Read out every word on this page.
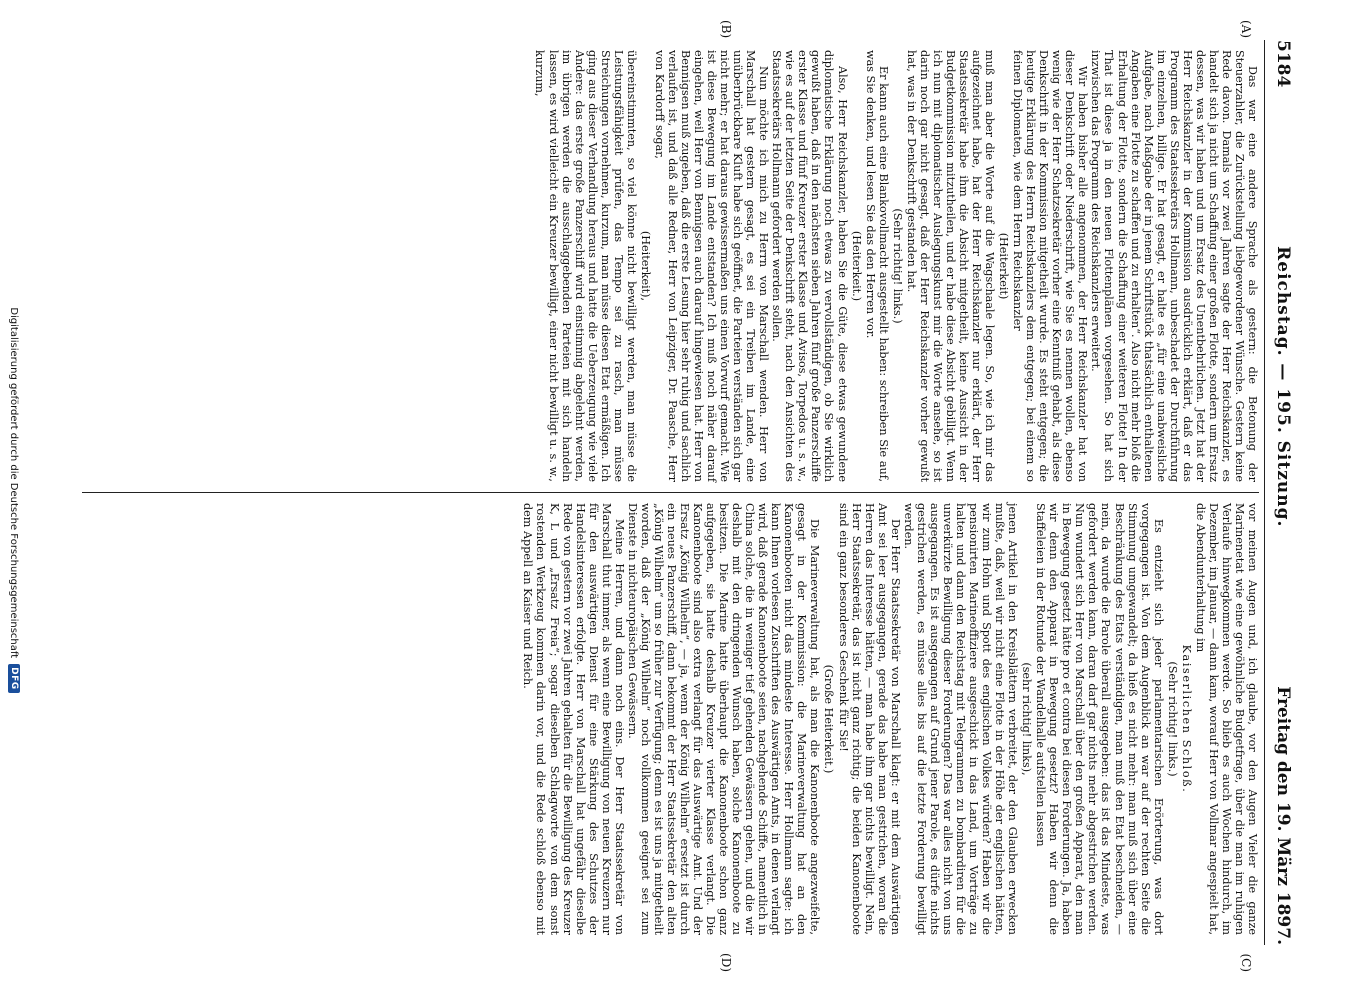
5184
Reichstag. — 195. Sitzung.
Freitag den 19. März 1897.
(A)
(B)
(C)
(D)

Das war eine andere Sprache als gestern: die Betonung der Steuerzahler, die Zurückstellung liebgewordener Wünsche. Gestern keine Rede davon. Damals vor zwei Jahren sagte der Herr Reichskanzler, es handelt sich ja nicht um Schaffung einer großen Flotte, sondern um Ersatz dessen, was wir haben und um Ersatz des Unentbehrlichen. Jetzt hat der Herr Reichskanzler in der Kommission ausdrücklich erklärt, daß er das Programm des Staatssekretärs Hollmann, unbeschadet der Durchführung im einzelnen, billige. Er hat gesagt, er halte es „für eine unabweisliche Aufgabe, nach Maßgabe der in jenem Schriftstück thatsächlich enthaltenen Angaben eine Flotte zu schaffen und zu erhalten“. Also nicht mehr bloß die Erhaltung der Flotte, sondern die Schaffung einer weiteren Flotte! In der That ist diese ja in den neuen Flottenplänen vorgesehen. So hat sich inzwischen das Programm des Reichskanzlers erweitert.

Wir haben bisher alle angenommen, der Herr Reichskanzler hat von dieser Denkschrift oder Niederschrift, wie Sie es nennen wollen, ebenso wenig wie der Herr Schatzsekretär vorher eine Kenntniß gehabt, als diese Denkschrift in der Kommission mitgetheilt wurde. Es steht entgegen; die heutige Erklärung des Herrn Reichskanzlers dem entgegen; bei einem so feinen Diplomaten, wie dem Herrn Reichskanzler

(Heiterkeit)

muß man aber die Worte auf die Wagschaale legen. So, wie ich mir das aufgezeichnet habe, hat der Herr Reichskanzler nur erklärt, der Herr Staatssekretär habe ihm die Absicht mitgetheilt, keine Aussicht in der Budgetkommission mitzutheilen, und er habe diese Absicht gebilligt. Wenn ich nun mit diplomatischer Auslegungskunst mir die Worte ansehe, so ist darin noch gar nicht gesagt, daß der Herr Reichskanzler vorher gewußt hat, was in der Denkschrift gestanden hat.

(Sehr richtig! links.)

Er kann auch eine Blankovollmacht ausgestellt haben: schreiben Sie auf, was Sie denken, und lesen Sie das den Herren vor.

(Heiterkeit.)

Also, Herr Reichskanzler, haben Sie die Güte, diese etwas gewundene diplomatische Erklärung noch etwas zu vervollständigen, ob Sie wirklich gewußt haben, daß in den nächsten sieben Jahren fünf große Panzerschiffe erster Klasse und fünf Kreuzer erster Klasse und Avisos, Torpedos u. s. w., wie es auf der letzten Seite der Denkschrift steht, nach den Ansichten des Staatssekretärs Hollmann gefordert werden sollen.

Nun möchte ich mich zu Herrn von Marschall wenden. Herr von Marschall hat gestern gesagt, es sei ein Treiben im Lande, eine unüberbrückbare Kluft habe sich geöffnet, die Parteien verständen sich gar nicht mehr; er hat daraus gewissermaßen uns einen Vorwurf gemacht. Wie ist diese Bewegung im Lande entstanden? Ich muß noch näher darauf eingehen, weil Herr von Bennigsen auch darauf hingewiesen hat. Herr von Bennigsen muß zugeben, daß die erste Lesung hier sehr ruhig und sachlich verlaufen ist, und daß alle Redner, Herr von Leipziger, Dr. Paasche, Herr von Kardorff sogar,

(Heiterkeit),

übereinstimmten, so viel könne nicht bewilligt werden, man müsse die Leistungsfähigkeit prüfen, das Tempo sei zu rasch, man müsse Streichungen vornehmen, kurzum, man müsse diesen Etat ermäßigen. Ich ging aus dieser Verhandlung heraus und hatte die Ueberzeugung wie viele Andere: das erste große Panzerschiff wird einstimmig abgelehnt werden, im übrigen werden die ausschlaggebenden Parteien mit sich handeln lassen, es wird vielleicht ein Kreuzer bewilligt, einer nicht bewilligt u. s. w., kurzum,

vor meinen Augen und, ich glaube, vor den Augen Vieler die ganze Marinenetat wie eine gewöhnliche Budgetfrage, über die man im ruhigen Verlaufe hinwegkommen werde. So blieb es auch Wochen hindurch, im Dezember, im Januar, — dann kam, worauf Herr von Vollmar angespielt hat, die Abendunterhaltung im

Kaiserlichen Schloß.

(Sehr richtig! links.)

Es entzieht sich jeder parlamentarischen Erörterung, was dort vorgegangen ist. Von dem Augenblick an war auf der rechten Seite die Stimmung umgewandelt; da hieß es nicht mehr: man muß sich über eine Beschränkung des Etats verständigen, man muß den Etat beschneiden, — nein, da wurde die Parole überall ausgegeben: das ist das Mindeste, was gefordert werden kann, daran darf gar nichts mehr abgestrichen werden. Nun wundert sich Herr von Marschall über den großen Apparat, den man in Bewegung gesetzt hätte pro et contra bei diesen Forderungen. Ja, haben wir denn den Apparat in Bewegung gesetzt? Haben wir denn die Staffeleien in der Rotunde der Wandelhalle aufstellen lassen

(sehr richtig! links),

jenen Artikel in den Kreisblättern verbreitet, der den Glauben erwecken mußte, daß, weil wir nicht eine Flotte in der Höhe der englischen hätten, wir zum Hohn und Spott des englischen Volkes würden? Haben wir die pensionirten Marineoffiziere ausgeschickt in das Land, um Vorträge zu halten und dann den Reichstag mit Telegrammen zu bombardiren für die unverkürzte Bewilligung dieser Forderungen? Das war alles nicht von uns ausgegangen. Es ist ausgegangen auf Grund jener Parole, es dürfe nichts gestrichen werden, es müsse alles bis auf die letzte Forderung bewilligt werden.

Der Herr Staatssekretär von Marschall klagt: er mit dem Auswärtigen Amt sei leer ausgegangen, gerade das habe man gestrichen, woran die Herren das Interesse hätten, — man habe ihm gar nichts bewilligt. Nein, Herr Staatssekretär, das ist nicht ganz richtig; die beiden Kanonenboote sind ein ganz besonderes Geschenk für Sie!

(Große Heiterkeit.)

Die Marineverwaltung hat, als man die Kanonenboote angezweifelte, gesagt in der Kommission: die Marineverwaltung hat an den Kanonenbooten nicht das mindeste Interesse. Herr Hollmann sagte: ich kann Ihnen vorlesen Zuschriften des Auswärtigen Amts, in denen verlangt wird, daß gerade Kanonenboote seien, nachgehende Schiffe, namentlich in China solche, die in weniger tief gehenden Gewässern gehen, und die wir deshalb mit den dringenden Wunsch haben, solche Kanonenboote zu besitzen. Die Marine hatte überhaupt die Kanonenboote schon ganz aufgegeben, sie hatte deshalb Kreuzer vierter Klasse verlangt. Die Kanonenboote sind also extra verlangt für das Auswärtige Amt. Und der Ersatz „König Wilhelm“, — ja, wenn der König Wilhelm“ ersetzt ist durch ein neues Panzerschiff, dann bekommt der Herr Staatssekretär den alten „König Wilhelm“ um so früher zur Verfügung; denn es ist uns ja mitgetheilt worden, daß der „König Wilhelm“ noch vollkommen geeignet sei zum Dienste in nichteuropäischen Gewässern.

Meine Herren, und dann noch eins. Der Herr Staatssekretär von Marschall thut immer, als wenn eine Bewilligung von neuen Kreuzern nur für den auswärtigen Dienst für eine Stärkung des Schutzes der Handelsinteressen erfolgte. Herr von Marschall hat ungefähr dieselbe Rede von gestern vor zwei Jahren gehalten für die Bewilligung des Kreuzer K, L und „Ersatz Freia“; sogar dieselben Schlagworte von dem sonst rostenden Werkzeug kommen darin vor, und die Rede schloß ebenso mit dem Appell an Kaiser und Reich.

Digitalisierung gefördert durch die Deutsche Forschungsgemeinschaft
DFG
